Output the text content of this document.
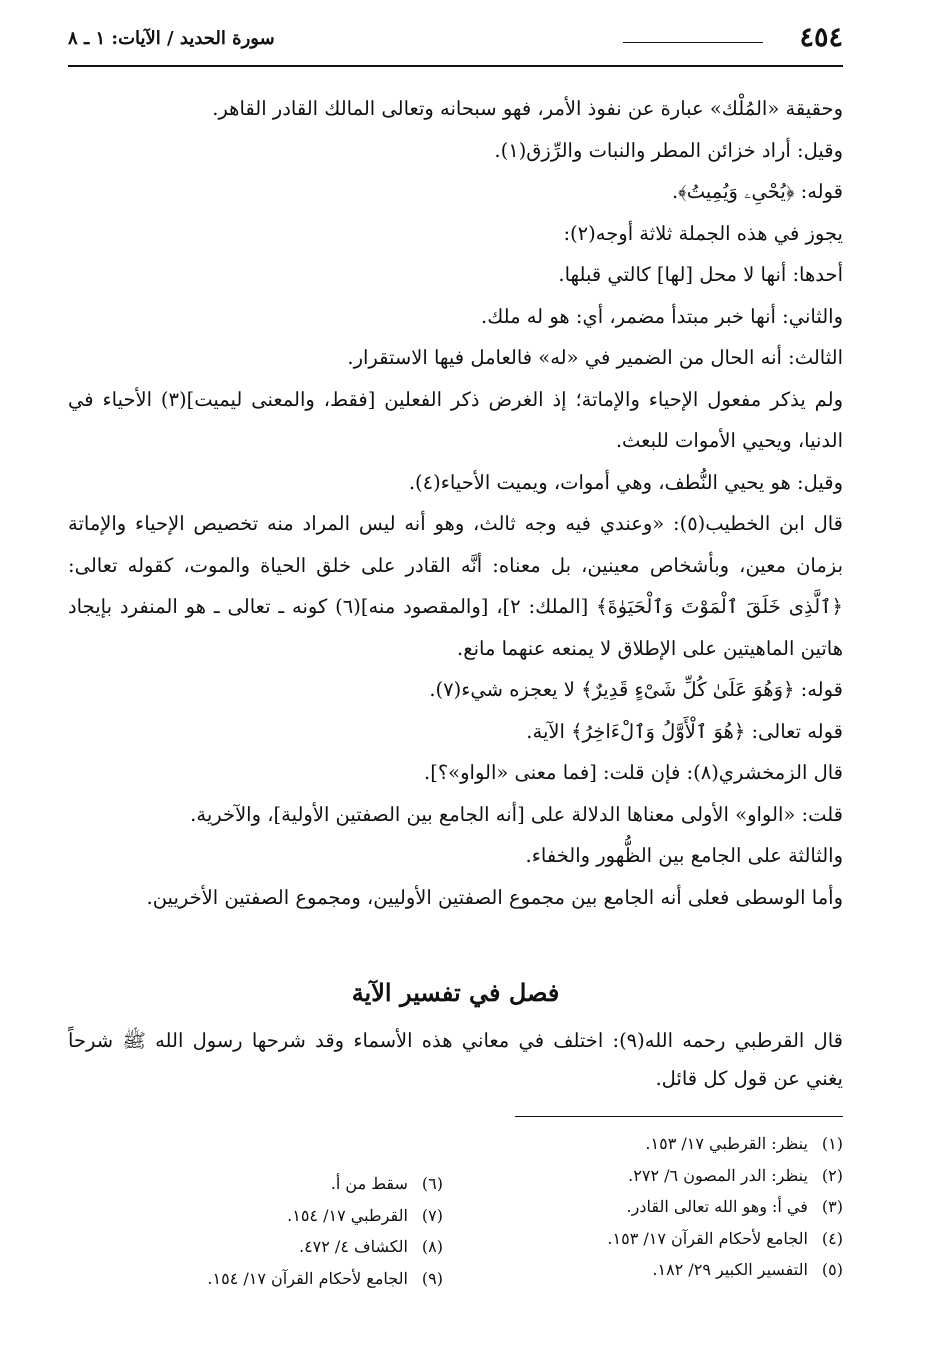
٤٥٤
سورة الحديد / الآيات: ١ ـ ٨

وحقيقة «المُلْك» عبارة عن نفوذ الأمر، فهو سبحانه وتعالى المالك القادر القاهر.

وقيل: أراد خزائن المطر والنبات والرِّزق(١).

قوله: ﴿يُحْىِۦ وَيُمِيتُ﴾.

يجوز في هذه الجملة ثلاثة أوجه(٢):

أحدها: أنها لا محل [لها] كالتي قبلها.

والثاني: أنها خبر مبتدأ مضمر، أي: هو له ملك.

الثالث: أنه الحال من الضمير في «له» فالعامل فيها الاستقرار.

ولم يذكر مفعول الإحياء والإماتة؛ إذ الغرض ذكر الفعلين [فقط، والمعنى ليميت](٣) الأحياء في الدنيا، ويحيي الأموات للبعث.

وقيل: هو يحيي النُّطف، وهي أموات، ويميت الأحياء(٤).

قال ابن الخطيب(٥): «وعندي فيه وجه ثالث، وهو أنه ليس المراد منه تخصيص الإحياء والإماتة بزمان معين، وبأشخاص معينين، بل معناه: أنَّه القادر على خلق الحياة والموت، كقوله تعالى: ﴿ٱلَّذِى خَلَقَ ٱلْمَوْتَ وَٱلْحَيَوٰةَ﴾ [الملك: ٢]، [والمقصود منه](٦) كونه ـ تعالى ـ هو المنفرد بإيجاد هاتين الماهيتين على الإطلاق لا يمنعه عنهما مانع.

قوله: ﴿وَهُوَ عَلَىٰ كُلِّ شَىْءٍ قَدِيرٌ﴾ لا يعجزه شيء(٧).

قوله تعالى: ﴿هُوَ ٱلْأَوَّلُ وَٱلْءَاخِرُ﴾ الآية.

قال الزمخشري(٨): فإن قلت: [فما معنى «الواو»؟].

قلت: «الواو» الأولى معناها الدلالة على [أنه الجامع بين الصفتين الأولية]، والآخرية.

والثالثة على الجامع بين الظُّهور والخفاء.

وأما الوسطى فعلى أنه الجامع بين مجموع الصفتين الأوليين، ومجموع الصفتين الأخريين.

فصل في تفسير الآية

قال القرطبي رحمه الله(٩): اختلف في معاني هذه الأسماء وقد شرحها رسول الله ﷺ شرحاً يغني عن قول كل قائل.

(١) ينظر: القرطبي ١٧/ ١٥٣.
(٢) ينظر: الدر المصون ٦/ ٢٧٢.
(٣) في أ: وهو الله تعالى القادر.
(٤) الجامع لأحكام القرآن ١٧/ ١٥٣.
(٥) التفسير الكبير ٢٩/ ١٨٢.
(٦) سقط من أ.
(٧) القرطبي ١٧/ ١٥٤.
(٨) الكشاف ٤/ ٤٧٢.
(٩) الجامع لأحكام القرآن ١٧/ ١٥٤.
